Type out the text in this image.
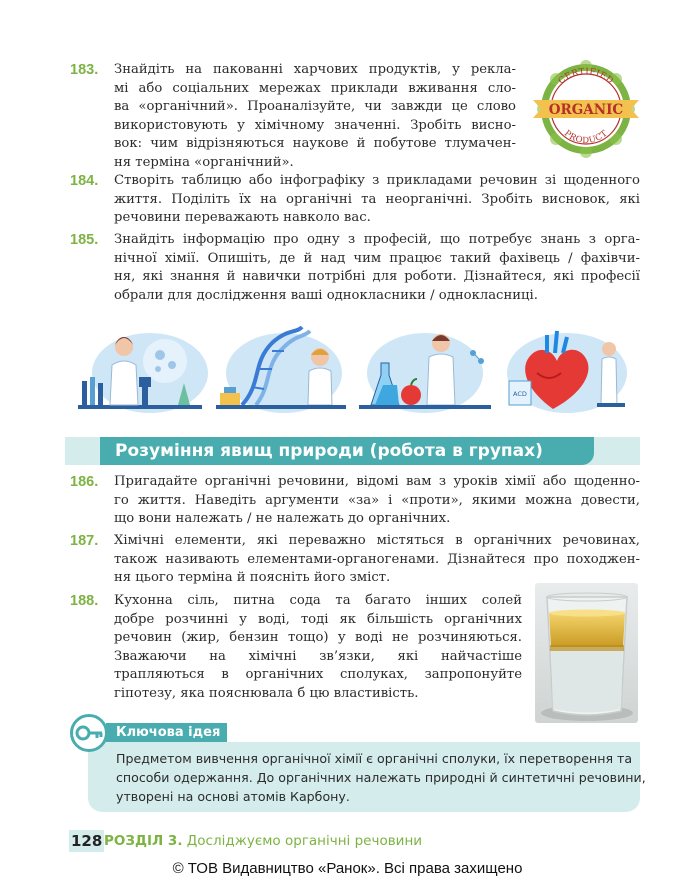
183. Знайдіть на пакованні харчових продуктів, у рекла-
мі або соціальних мережах приклади вживання сло-
ва «органічний». Проаналізуйте, чи завжди це слово
використовують у хімічному значенні. Зробіть висно-
вок: чим відрізняються наукове й побутове тлумачен-
ня терміна «органічний».
CERTIFIED
PRODUCT
ORGANIC
184. Створіть таблицю або інфографіку з прикладами речовин зі щоденного
життя. Поділіть їх на органічні та неорганічні. Зробіть висновок, які
речовини переважають навколо вас.
185. Знайдіть інформацію про одну з професій, що потребує знань з орга-
нічної хімії. Опишіть, де й над чим працює такий фахівець / фахівчи-
ня, які знання й навички потрібні для роботи. Дізнайтеся, які професії
обрали для дослідження ваші однокласники / однокласниці.
ACD
Розуміння явищ природи (робота в групах)
186. Пригадайте органічні речовини, відомі вам з уроків хімії або щоденно-
го життя. Наведіть аргументи «за» і «проти», якими можна довести,
що вони належать / не належать до органічних.
187. Хімічні елементи, які переважно містяться в органічних речовинах,
також називають елементами-органогенами. Дізнайтеся про походжен-
ня цього терміна й поясніть його зміст.
188. Кухонна сіль, питна сода та багато інших солей
добре розчинні у воді, тоді як більшість органічних
речовин (жир, бензин тощо) у воді не розчиняються.
Зважаючи на хімічні зв’язки, які найчастіше
трапляються в органічних сполуках, запропонуйте
гіпотезу, яка пояснювала б цю властивість.
Ключова ідея
Предметом вивчення органічної хімії є органічні сполуки, їх перетворення та
способи одержання. До органічних належать природні й синтетичні речовини,
утворені на основі атомів Карбону.
128 РОЗДІЛ 3. Досліджуємо органічні речовини
© ТОВ Видавництво «Ранок». Всі права захищено
